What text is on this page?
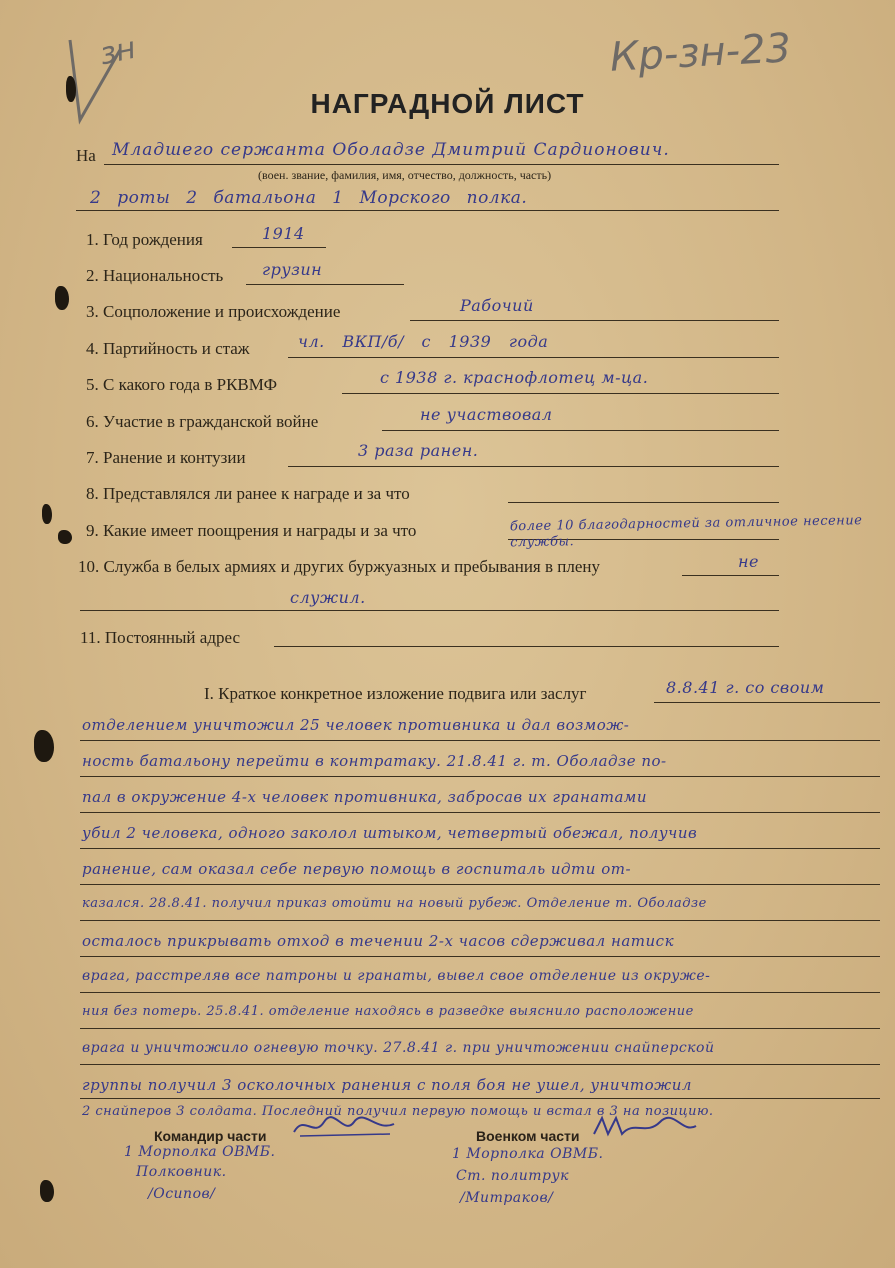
зн	Кр-зн-23
НАГРАДНОЙ ЛИСТ
На Младшего сержанта Оболадзе Дмитрий Сардионович.
(воен. звание, фамилия, имя, отчество, должность, часть)
2 роты 2 батальона 1 Морского полка.
1. Год рождения	1914
2. Национальность грузин
3. Соцположение и происхождение	Рабочий
4. Партийность и стаж	чл. ВКП/б/ с 1939 года
5. С какого года в РКВМФ	с 1938 г. краснофлотец м-ца.
6. Участие в гражданской войне	не участвовал
7. Ранение и контузии	3 раза ранен.
8. Представлялся ли ранее к награде и за что
9. Какие имеет поощрения и награды и за что	более 10 благодарностей за отличное несение службы.
10. Служба в белых армиях и других буржуазных и пребывания в плену	не
служил.
11. Постоянный адрес
I. Краткое конкретное изложение подвига или заслуг	8.8.41 г. со своим
отделением уничтожил 25 человек противника и дал возмож-
ность батальону перейти в контратаку. 21.8.41 г. т. Оболадзе по-
пал в окружение 4-х человек противника, забросав их гранатами
убил 2 человека, одного заколол штыком, четвертый обежал, получив
ранение, сам оказал себе первую помощь в госпиталь идти от-
казался. 28.8.41. получил приказ отойти на новый рубеж. Отделение т. Оболадзе
осталось прикрывать отход в течении 2-х часов сдерживал натиск
врага, расстреляв все патроны и гранаты, вывел свое отделение из окруже-
ния без потерь. 25.8.41. отделение находясь в разведке выяснило расположение
врага и уничтожило огневую точку. 27.8.41 г. при уничтожении снайперской
группы получил 3 осколочных ранения с поля боя не ушел, уничтожил
2 снайперов 3 солдата. Последний получил первую помощь и встал в 3 на позицию.
Командир части
1 Морполка ОВМБ.
Полковник.
/Осипов/
Военком части
1 Морполка ОВМБ.
Ст. политрук
/Митраков/
